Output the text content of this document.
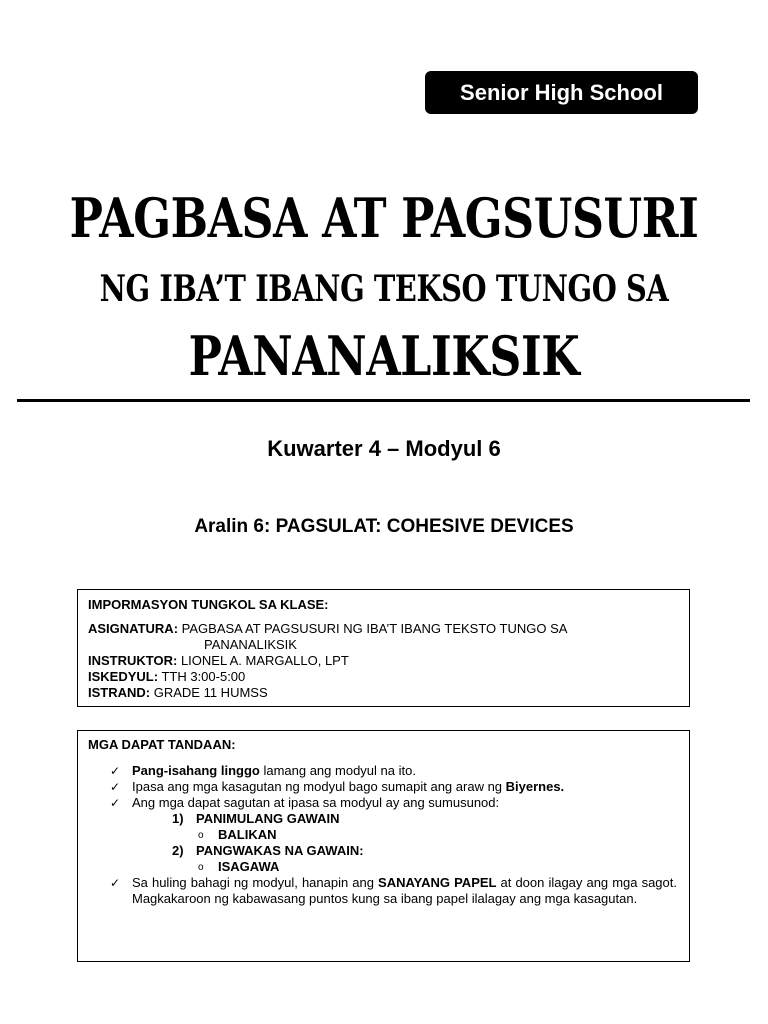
Senior High School
PAGBASA AT PAGSUSURI
NG IBA’T IBANG TEKSO TUNGO SA
PANANALIKSIK
Kuwarter 4 – Modyul 6
Aralin 6: PAGSULAT: COHESIVE DEVICES
IMPORMASYON TUNGKOL SA KLASE:
ASIGNATURA: PAGBASA AT PAGSUSURI NG IBA’T IBANG TEKSTO TUNGO SA
PANANALIKSIK
INSTRUKTOR: LIONEL A. MARGALLO, LPT
ISKEDYUL: TTH 3:00-5:00
ISTRAND: GRADE 11 HUMSS
MGA DAPAT TANDAAN:
✓ Pang-isahang linggo lamang ang modyul na ito.
✓ Ipasa ang mga kasagutan ng modyul bago sumapit ang araw ng Biyernes.
✓ Ang mga dapat sagutan at ipasa sa modyul ay ang sumusunod:
1) PANIMULANG GAWAIN
o BALIKAN
2) PANGWAKAS NA GAWAIN:
o ISAGAWA
✓ Sa huling bahagi ng modyul, hanapin ang SANAYANG PAPEL at doon ilagay ang mga sagot. Magkakaroon ng kabawasang puntos kung sa ibang papel ilalagay ang mga kasagutan.
